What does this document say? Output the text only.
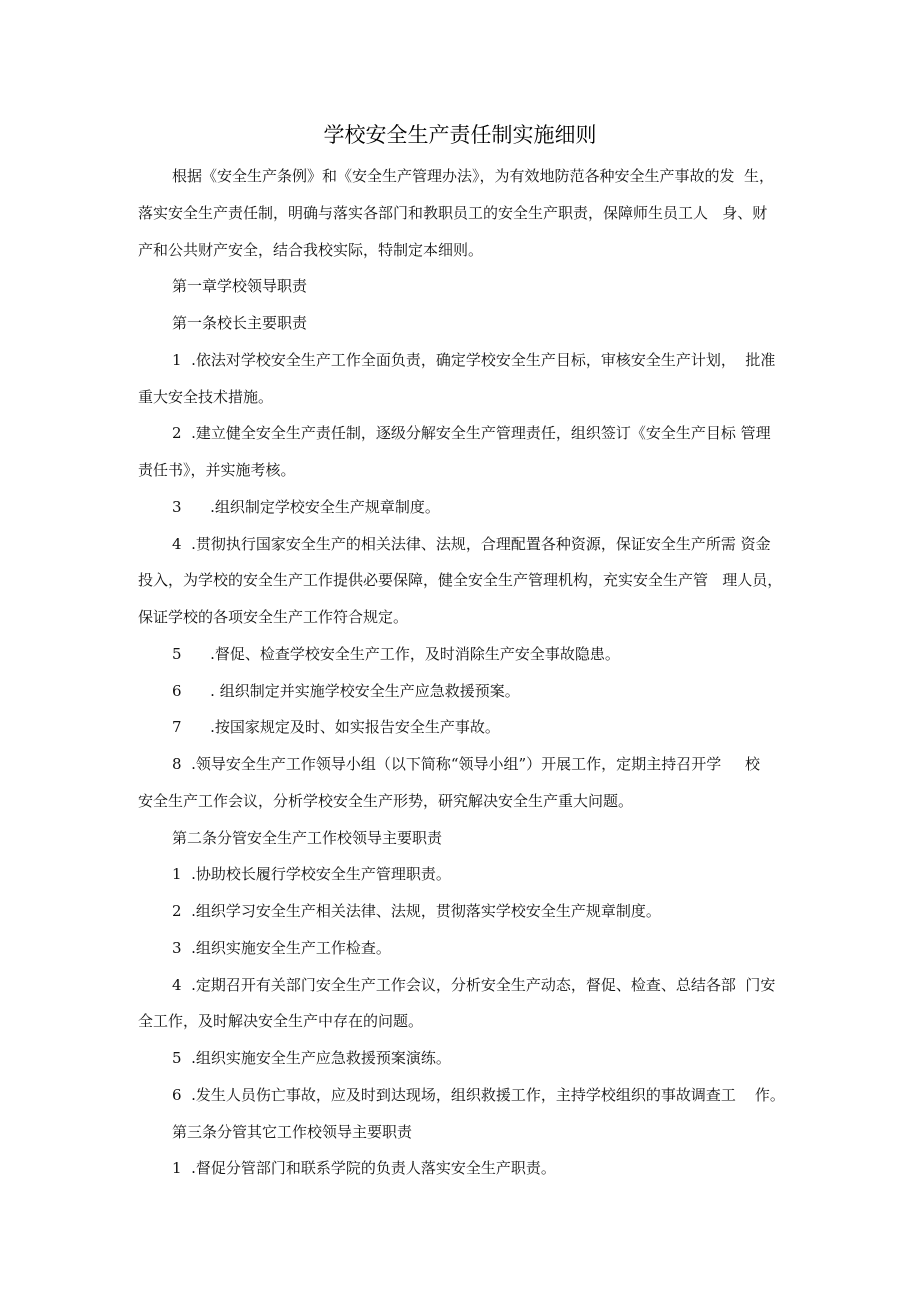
学校安全生产责任制实施细则
根据《安全生产条例》和《安全生产管理办法》，为有效地防范各种安全生产事故的发  生，
落实安全生产责任制，明确与落实各部门和教职员工的安全生产职责，保障师生员工人   身、财
产和公共财产安全，结合我校实际，特制定本细则。
第一章学校领导职责
第一条校长主要职责
1  .依法对学校安全生产工作全面负责，确定学校安全生产目标，审核安全生产计划，  批准
重大安全技术措施。
2  .建立健全安全生产责任制，逐级分解安全生产管理责任，组织签订《安全生产目标 管理
责任书》，并实施考核。
3      .组织制定学校安全生产规章制度。
4  .贯彻执行国家安全生产的相关法律、法规，合理配置各种资源，保证安全生产所需 资金
投入，为学校的安全生产工作提供必要保障，健全安全生产管理机构，充实安全生产管   理人员，
保证学校的各项安全生产工作符合规定。
5      .督促、检查学校安全生产工作，及时消除生产安全事故隐患。
6      . 组织制定并实施学校安全生产应急救援预案。
7      .按国家规定及时、如实报告安全生产事故。
8  .领导安全生产工作领导小组（以下简称“领导小组”）开展工作，定期主持召开学     校
安全生产工作会议，分析学校安全生产形势，研究解决安全生产重大问题。
第二条分管安全生产工作校领导主要职责
1  .协助校长履行学校安全生产管理职责。
2  .组织学习安全生产相关法律、法规，贯彻落实学校安全生产规章制度。
3  .组织实施安全生产工作检查。
4  .定期召开有关部门安全生产工作会议，分析安全生产动态，督促、检查、总结各部  门安
全工作，及时解决安全生产中存在的问题。
5  .组织实施安全生产应急救援预案演练。
6  .发生人员伤亡事故，应及时到达现场，组织救援工作，主持学校组织的事故调查工    作。
第三条分管其它工作校领导主要职责
1  .督促分管部门和联系学院的负责人落实安全生产职责。
